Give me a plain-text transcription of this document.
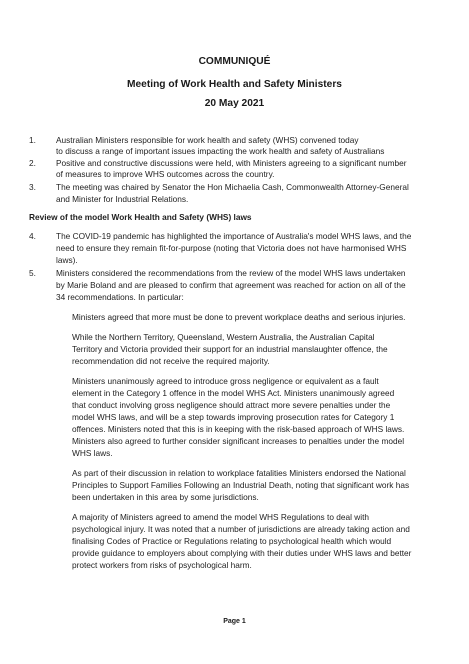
COMMUNIQUÉ
Meeting of Work Health and Safety Ministers
20 May 2021
1. Australian Ministers responsible for work health and safety (WHS) convened today
to discuss a range of important issues impacting the work health and safety of Australians
2. Positive and constructive discussions were held, with Ministers agreeing to a significant number
of measures to improve WHS outcomes across the country.
3. The meeting was chaired by Senator the Hon Michaelia Cash, Commonwealth Attorney-General
and Minister for Industrial Relations.
Review of the model Work Health and Safety (WHS) laws
4. The COVID-19 pandemic has highlighted the importance of Australia's model WHS laws, and the
need to ensure they remain fit-for-purpose (noting that Victoria does not have harmonised WHS
laws).
5. Ministers considered the recommendations from the review of the model WHS laws undertaken
by Marie Boland and are pleased to confirm that agreement was reached for action on all of the
34 recommendations. In particular:
Ministers agreed that more must be done to prevent workplace deaths and serious injuries.
While the Northern Territory, Queensland, Western Australia, the Australian Capital
Territory and Victoria provided their support for an industrial manslaughter offence, the
recommendation did not receive the required majority.
Ministers unanimously agreed to introduce gross negligence or equivalent as a fault
element in the Category 1 offence in the model WHS Act. Ministers unanimously agreed
that conduct involving gross negligence should attract more severe penalties under the
model WHS laws, and will be a step towards improving prosecution rates for Category 1
offences. Ministers noted that this is in keeping with the risk-based approach of WHS laws.
Ministers also agreed to further consider significant increases to penalties under the model
WHS laws.
As part of their discussion in relation to workplace fatalities Ministers endorsed the National
Principles to Support Families Following an Industrial Death, noting that significant work has
been undertaken in this area by some jurisdictions.
A majority of Ministers agreed to amend the model WHS Regulations to deal with
psychological injury. It was noted that a number of jurisdictions are already taking action and
finalising Codes of Practice or Regulations relating to psychological health which would
provide guidance to employers about complying with their duties under WHS laws and better
protect workers from risks of psychological harm.
Page 1
